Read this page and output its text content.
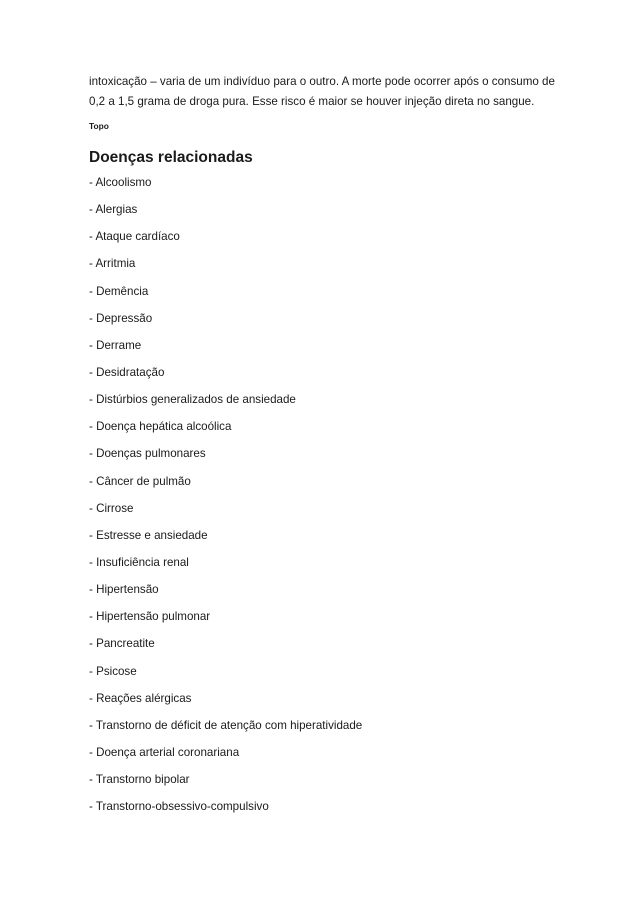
intoxicação – varia de um indivíduo para o outro. A morte pode ocorrer após o consumo de
0,2 a 1,5 grama de droga pura. Esse risco é maior se houver injeção direta no sangue.

Topo
Doenças relacionadas
- Alcoolismo
- Alergias
- Ataque cardíaco
- Arritmia
- Demência
- Depressão
- Derrame
- Desidratação
- Distúrbios generalizados de ansiedade
- Doença hepática alcoólica
- Doenças pulmonares
- Câncer de pulmão
- Cirrose
- Estresse e ansiedade
- Insuficiência renal
- Hipertensão
- Hipertensão pulmonar
- Pancreatite
- Psicose
- Reações alérgicas
- Transtorno de déficit de atenção com hiperatividade
- Doença arterial coronariana
- Transtorno bipolar
- Transtorno-obsessivo-compulsivo
